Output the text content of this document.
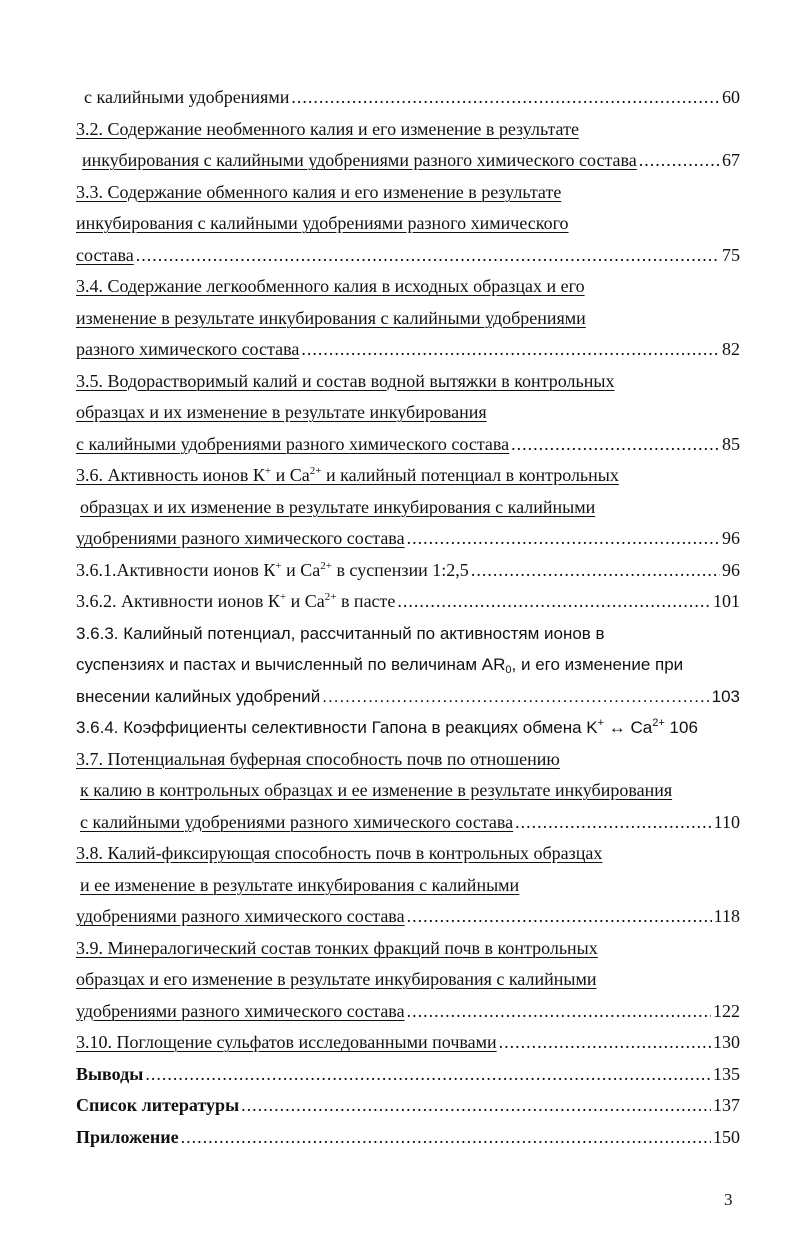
с калийными удобрениями .....	60
3.2. Содержание необменного калия и его изменение в результате
инкубирования с калийными удобрениями разного химического состава .....	67
3.3. Содержание обменного калия и его изменение в результате
инкубирования с калийными удобрениями разного химического
состава .....	75
3.4. Содержание легкообменного калия в исходных образцах и его
изменение в результате инкубирования с калийными удобрениями
разного химического состава .....	82
3.5. Водорастворимый калий и состав водной вытяжки в контрольных
образцах и их изменение в результате инкубирования
с калийными удобрениями разного химического состава .....	85
3.6. Активность ионов К+ и $Са^{2+}$ и калийный потенциал в контрольных
образцах и их изменение в результате инкубирования с калийными
удобрениями разного химического состава .....	96
3.6.1.Активности ионов К+ и $Са^{2+}$ в суспензии 1:2,5 .....	96
3.6.2. Активности ионов К+ и $Са^{2+}$ в пасте .....	101
3.6.3. Калийный потенциал, рассчитанный по активностям ионов в
суспензиях и пастах и вычисленный по величинам $AR_0$, и его изменение при
внесении калийных удобрений .....	103
3.6.4. Коэффициенты селективности Гапона в реакциях обмена K+ ↔ $Ca^{2+}$ 106
3.7. Потенциальная буферная способность почв по отношению
к калию в контрольных образцах и ее изменение в результате инкубирования
с калийными удобрениями разного химического состава .....	110
3.8. Калий-фиксирующая способность почв в контрольных образцах
и ее изменение в результате инкубирования с калийными
удобрениями разного химического состава .....	118
3.9. Минералогический состав тонких фракций почв в контрольных
образцах и его изменение в результате инкубирования с калийными
удобрениями разного химического состава .....	122
3.10. Поглощение сульфатов исследованными почвами .....	130
Выводы .....	135
Список литературы .....	137
Приложение .....	150
3
